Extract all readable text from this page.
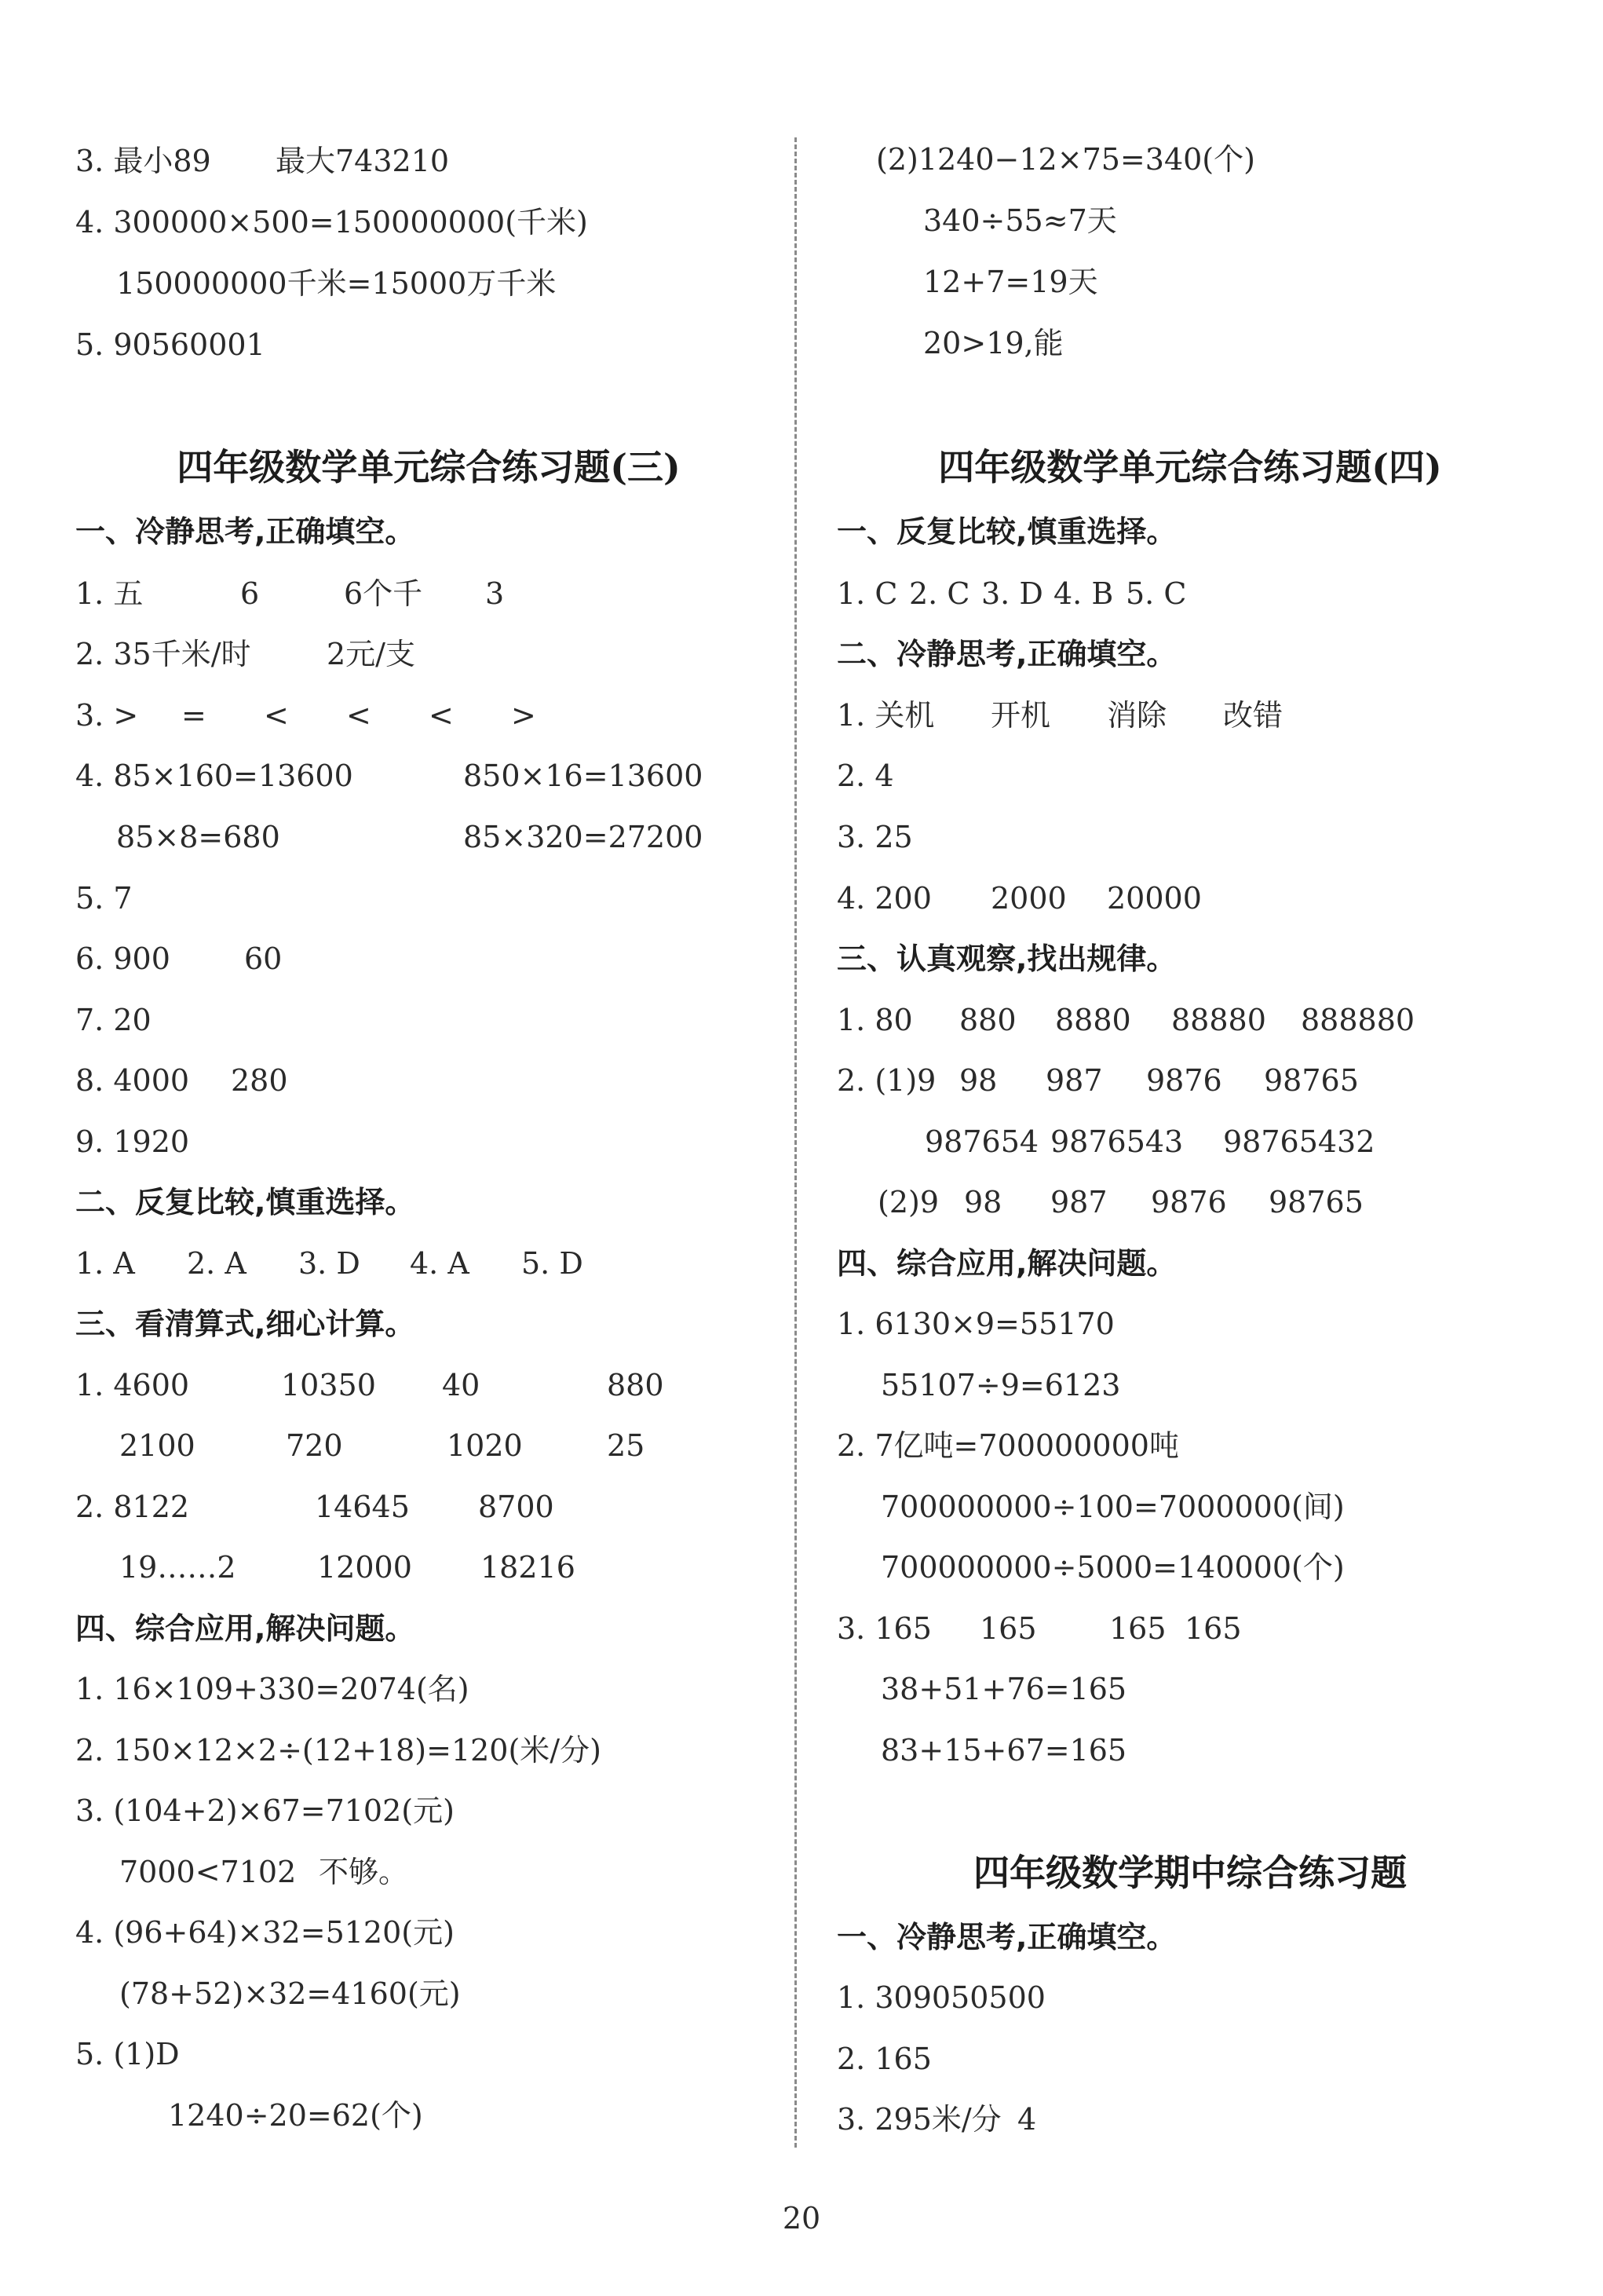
3. 最小89 最大743210
4. 300000×500=150000000(千米)
150000000千米=15000万千米
5. 90560001
四年级数学单元综合练习题(三)
一、冷静思考,正确填空。
1. 五	6	6个千 3
2. 35千米/时	2元/支
3. > = < < < >
4. 85×160=13600	850×16=13600
85×8=680	85×320=27200
5. 7
6. 900 60
7. 20
8. 4000 280
9. 1920
二、反复比较,慎重选择。
1. A 2. A 3. D 4. A 5. D
三、看清算式,细心计算。
1. 4600	10350 40	880
2100	720	1020	25
2. 8122	14645 8700
19……2	12000 18216
四、综合应用,解决问题。
1. 16×109+330=2074(名)
2. 150×12×2÷(12+18)=120(米/分)
3. (104+2)×67=7102(元)
7000<7102 不够。
4. (96+64)×32=5120(元)
(78+52)×32=4160(元)
5. (1)D
1240÷20=62(个)
(2)1240−12×75=340(个)
340÷55≈7天
12+7=19天
20>19,能
四年级数学单元综合练习题(四)
一、反复比较,慎重选择。
1. C 2. C 3. D 4. B 5. C
二、冷静思考,正确填空。
1. 关机 开机 消除 改错
2. 4
3. 25
4. 200 2000 20000
三、认真观察,找出规律。
1. 80 880 8880 88880 888880
2. (1)9 98 987 9876 98765
987654 9876543 98765432
(2)9 98 987 9876 98765
四、综合应用,解决问题。
1. 6130×9=55170
55107÷9=6123
2. 7亿吨=700000000吨
700000000÷100=7000000(间)
700000000÷5000=140000(个)
3. 165 165 165 165
38+51+76=165
83+15+67=165
四年级数学期中综合练习题
一、冷静思考,正确填空。
1. 309050500
2. 165
3. 295米/分 4
20
